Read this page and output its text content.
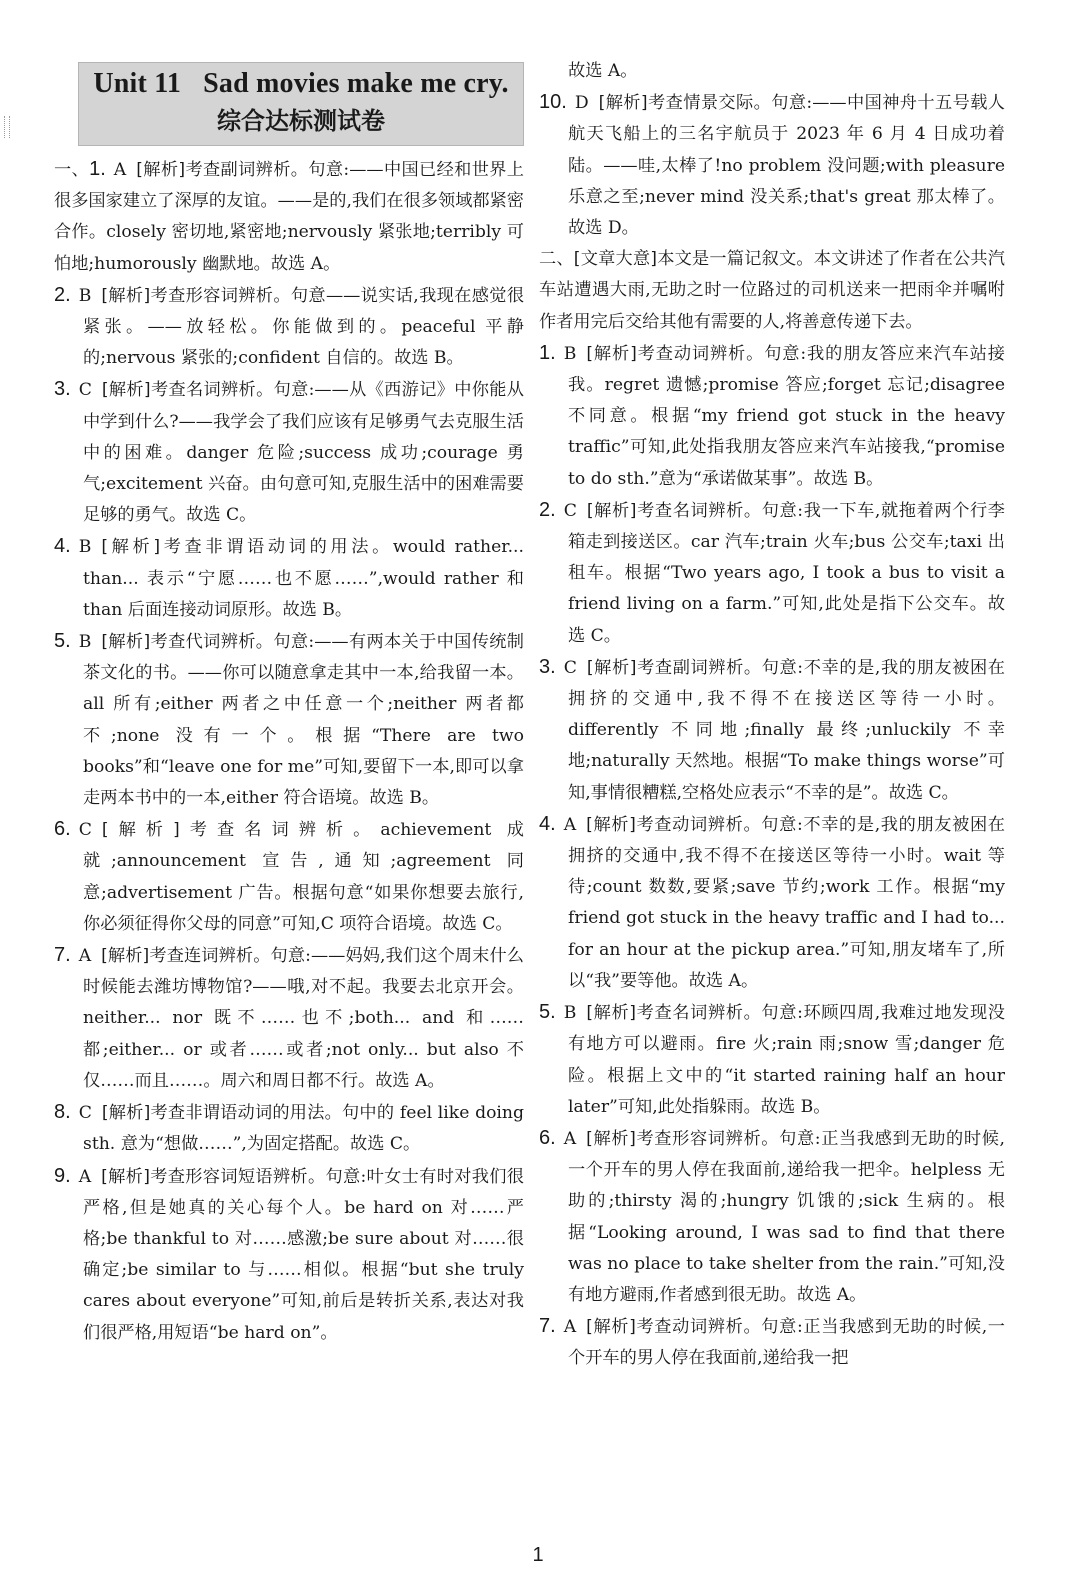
Unit 11 Sad movies make me cry.
综合达标测试卷
一、1. A [解析]考查副词辨析。句意:——中国已经和世界上很多国家建立了深厚的友谊。——是的,我们在很多领域都紧密合作。closely 密切地,紧密地;nervously 紧张地;terribly 可怕地;humorously 幽默地。故选 A。
2. B [解析]考查形容词辨析。句意——说实话,我现在感觉很紧张。——放轻松。你能做到的。peaceful 平静的;nervous 紧张的;confident 自信的。故选 B。
3. C [解析]考查名词辨析。句意:——从《西游记》中你能从中学到什么?——我学会了我们应该有足够勇气去克服生活中的困难。danger 危险;success 成功;courage 勇气;excitement 兴奋。由句意可知,克服生活中的困难需要足够的勇气。故选 C。
4. B [解析]考查非谓语动词的用法。would rather... than... 表示“宁愿……也不愿……”,would rather 和 than 后面连接动词原形。故选 B。
5. B [解析]考查代词辨析。句意:——有两本关于中国传统制茶文化的书。——你可以随意拿走其中一本,给我留一本。all 所有;either 两者之中任意一个;neither 两者都不;none 没有一个。根据“There are two books”和“leave one for me”可知,要留下一本,即可以拿走两本书中的一本,either 符合语境。故选 B。
6. C [解析]考查名词辨析。achievement 成就;announcement 宣告,通知;agreement 同意;advertisement 广告。根据句意“如果你想要去旅行,你必须征得你父母的同意”可知,C 项符合语境。故选 C。
7. A [解析]考查连词辨析。句意:——妈妈,我们这个周末什么时候能去潍坊博物馆?——哦,对不起。我要去北京开会。neither... nor 既不……也不;both... and 和……都;either... or 或者……或者;not only... but also 不仅……而且……。周六和周日都不行。故选 A。
8. C [解析]考查非谓语动词的用法。句中的 feel like doing sth. 意为“想做……”,为固定搭配。故选 C。
9. A [解析]考查形容词短语辨析。句意:叶女士有时对我们很严格,但是她真的关心每个人。be hard on 对……严格;be thankful to 对……感激;be sure about 对……很确定;be similar to 与……相似。根据“but she truly cares about everyone”可知,前后是转折关系,表达对我们很严格,用短语“be hard on”。
故选 A。
10. D [解析]考查情景交际。句意:——中国神舟十五号载人航天飞船上的三名宇航员于 2023 年 6 月 4 日成功着陆。——哇,太棒了!no problem 没问题;with pleasure 乐意之至;never mind 没关系;that's great 那太棒了。故选 D。
二、[文章大意]本文是一篇记叙文。本文讲述了作者在公共汽车站遭遇大雨,无助之时一位路过的司机送来一把雨伞并嘱咐作者用完后交给其他有需要的人,将善意传递下去。
1. B [解析]考查动词辨析。句意:我的朋友答应来汽车站接我。regret 遗憾;promise 答应;forget 忘记;disagree 不同意。根据“my friend got stuck in the heavy traffic”可知,此处指我朋友答应来汽车站接我,“promise to do sth.”意为“承诺做某事”。故选 B。
2. C [解析]考查名词辨析。句意:我一下车,就拖着两个行李箱走到接送区。car 汽车;train 火车;bus 公交车;taxi 出租车。根据“Two years ago, I took a bus to visit a friend living on a farm.”可知,此处是指下公交车。故选 C。
3. C [解析]考查副词辨析。句意:不幸的是,我的朋友被困在拥挤的交通中,我不得不在接送区等待一小时。differently 不同地;finally 最终;unluckily 不幸地;naturally 天然地。根据“To make things worse”可知,事情很糟糕,空格处应表示“不幸的是”。故选 C。
4. A [解析]考查动词辨析。句意:不幸的是,我的朋友被困在拥挤的交通中,我不得不在接送区等待一小时。wait 等待;count 数数,要紧;save 节约;work 工作。根据“my friend got stuck in the heavy traffic and I had to... for an hour at the pickup area.”可知,朋友堵车了,所以“我”要等他。故选 A。
5. B [解析]考查名词辨析。句意:环顾四周,我难过地发现没有地方可以避雨。fire 火;rain 雨;snow 雪;danger 危险。根据上文中的“it started raining half an hour later”可知,此处指躲雨。故选 B。
6. A [解析]考查形容词辨析。句意:正当我感到无助的时候,一个开车的男人停在我面前,递给我一把伞。helpless 无助的;thirsty 渴的;hungry 饥饿的;sick 生病的。根据“Looking around, I was sad to find that there was no place to take shelter from the rain.”可知,没有地方避雨,作者感到很无助。故选 A。
7. A [解析]考查动词辨析。句意:正当我感到无助的时候,一个开车的男人停在我面前,递给我一把
1
